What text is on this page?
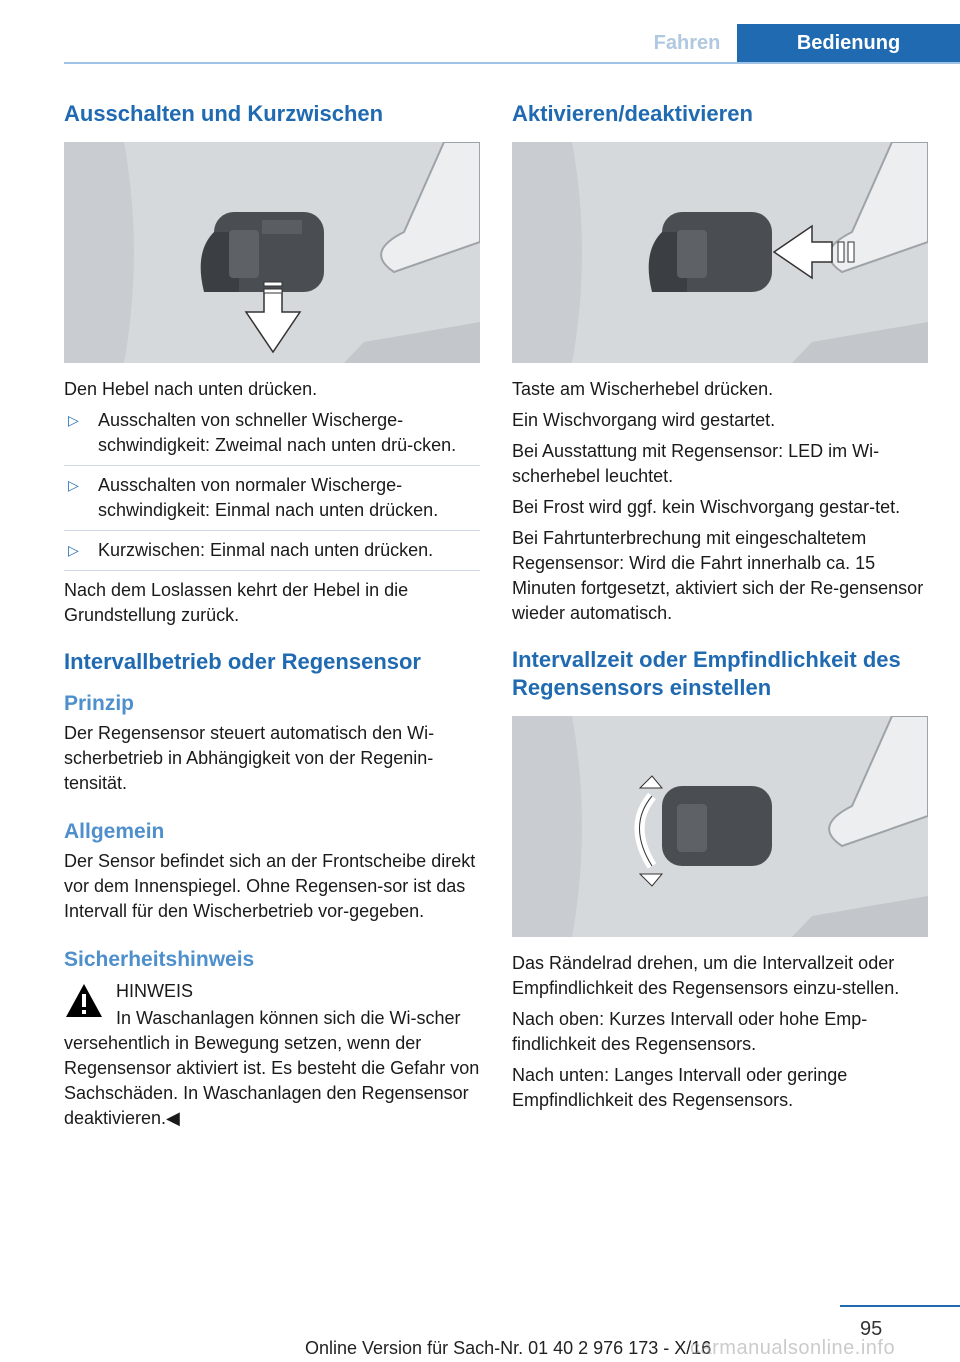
Fahren	Bedienung
Ausschalten und Kurzwischen

Den Hebel nach unten drücken.

▷ Ausschalten von schneller Wischerge-schwindigkeit: Zweimal nach unten drü-cken.
▷ Ausschalten von normaler Wischerge-schwindigkeit: Einmal nach unten drücken.
▷ Kurzwischen: Einmal nach unten drücken.

Nach dem Loslassen kehrt der Hebel in die Grundstellung zurück.

Intervallbetrieb oder Regensensor
Prinzip

Der Regensensor steuert automatisch den Wi-scherbetrieb in Abhängigkeit von der Regenin-tensität.

Allgemein

Der Sensor befindet sich an der Frontscheibe direkt vor dem Innenspiegel. Ohne Regensen-sor ist das Intervall für den Wischerbetrieb vor-gegeben.

Sicherheitshinweis
HINWEIS

In Waschanlagen können sich die Wi-scher versehentlich in Bewegung setzen, wenn der Regensensor aktiviert ist. Es besteht die Gefahr von Sachschäden. In Waschanlagen den Regensensor deaktivieren.◀

Aktivieren/deaktivieren

Taste am Wischerhebel drücken.

Ein Wischvorgang wird gestartet.

Bei Ausstattung mit Regensensor: LED im Wi-scherhebel leuchtet.

Bei Frost wird ggf. kein Wischvorgang gestar-tet.

Bei Fahrtunterbrechung mit eingeschaltetem Regensensor: Wird die Fahrt innerhalb ca. 15 Minuten fortgesetzt, aktiviert sich der Re-gensensor wieder automatisch.

Intervallzeit oder Empfindlichkeit des Regensensors einstellen

Das Rändelrad drehen, um die Intervallzeit oder Empfindlichkeit des Regensensors einzu-stellen.

Nach oben: Kurzes Intervall oder hohe Emp-findlichkeit des Regensensors.

Nach unten: Langes Intervall oder geringe Empfindlichkeit des Regensensors.

95
Online Version für Sach-Nr. 01 40 2 976 173 - X/16
carmanualsonline.info
